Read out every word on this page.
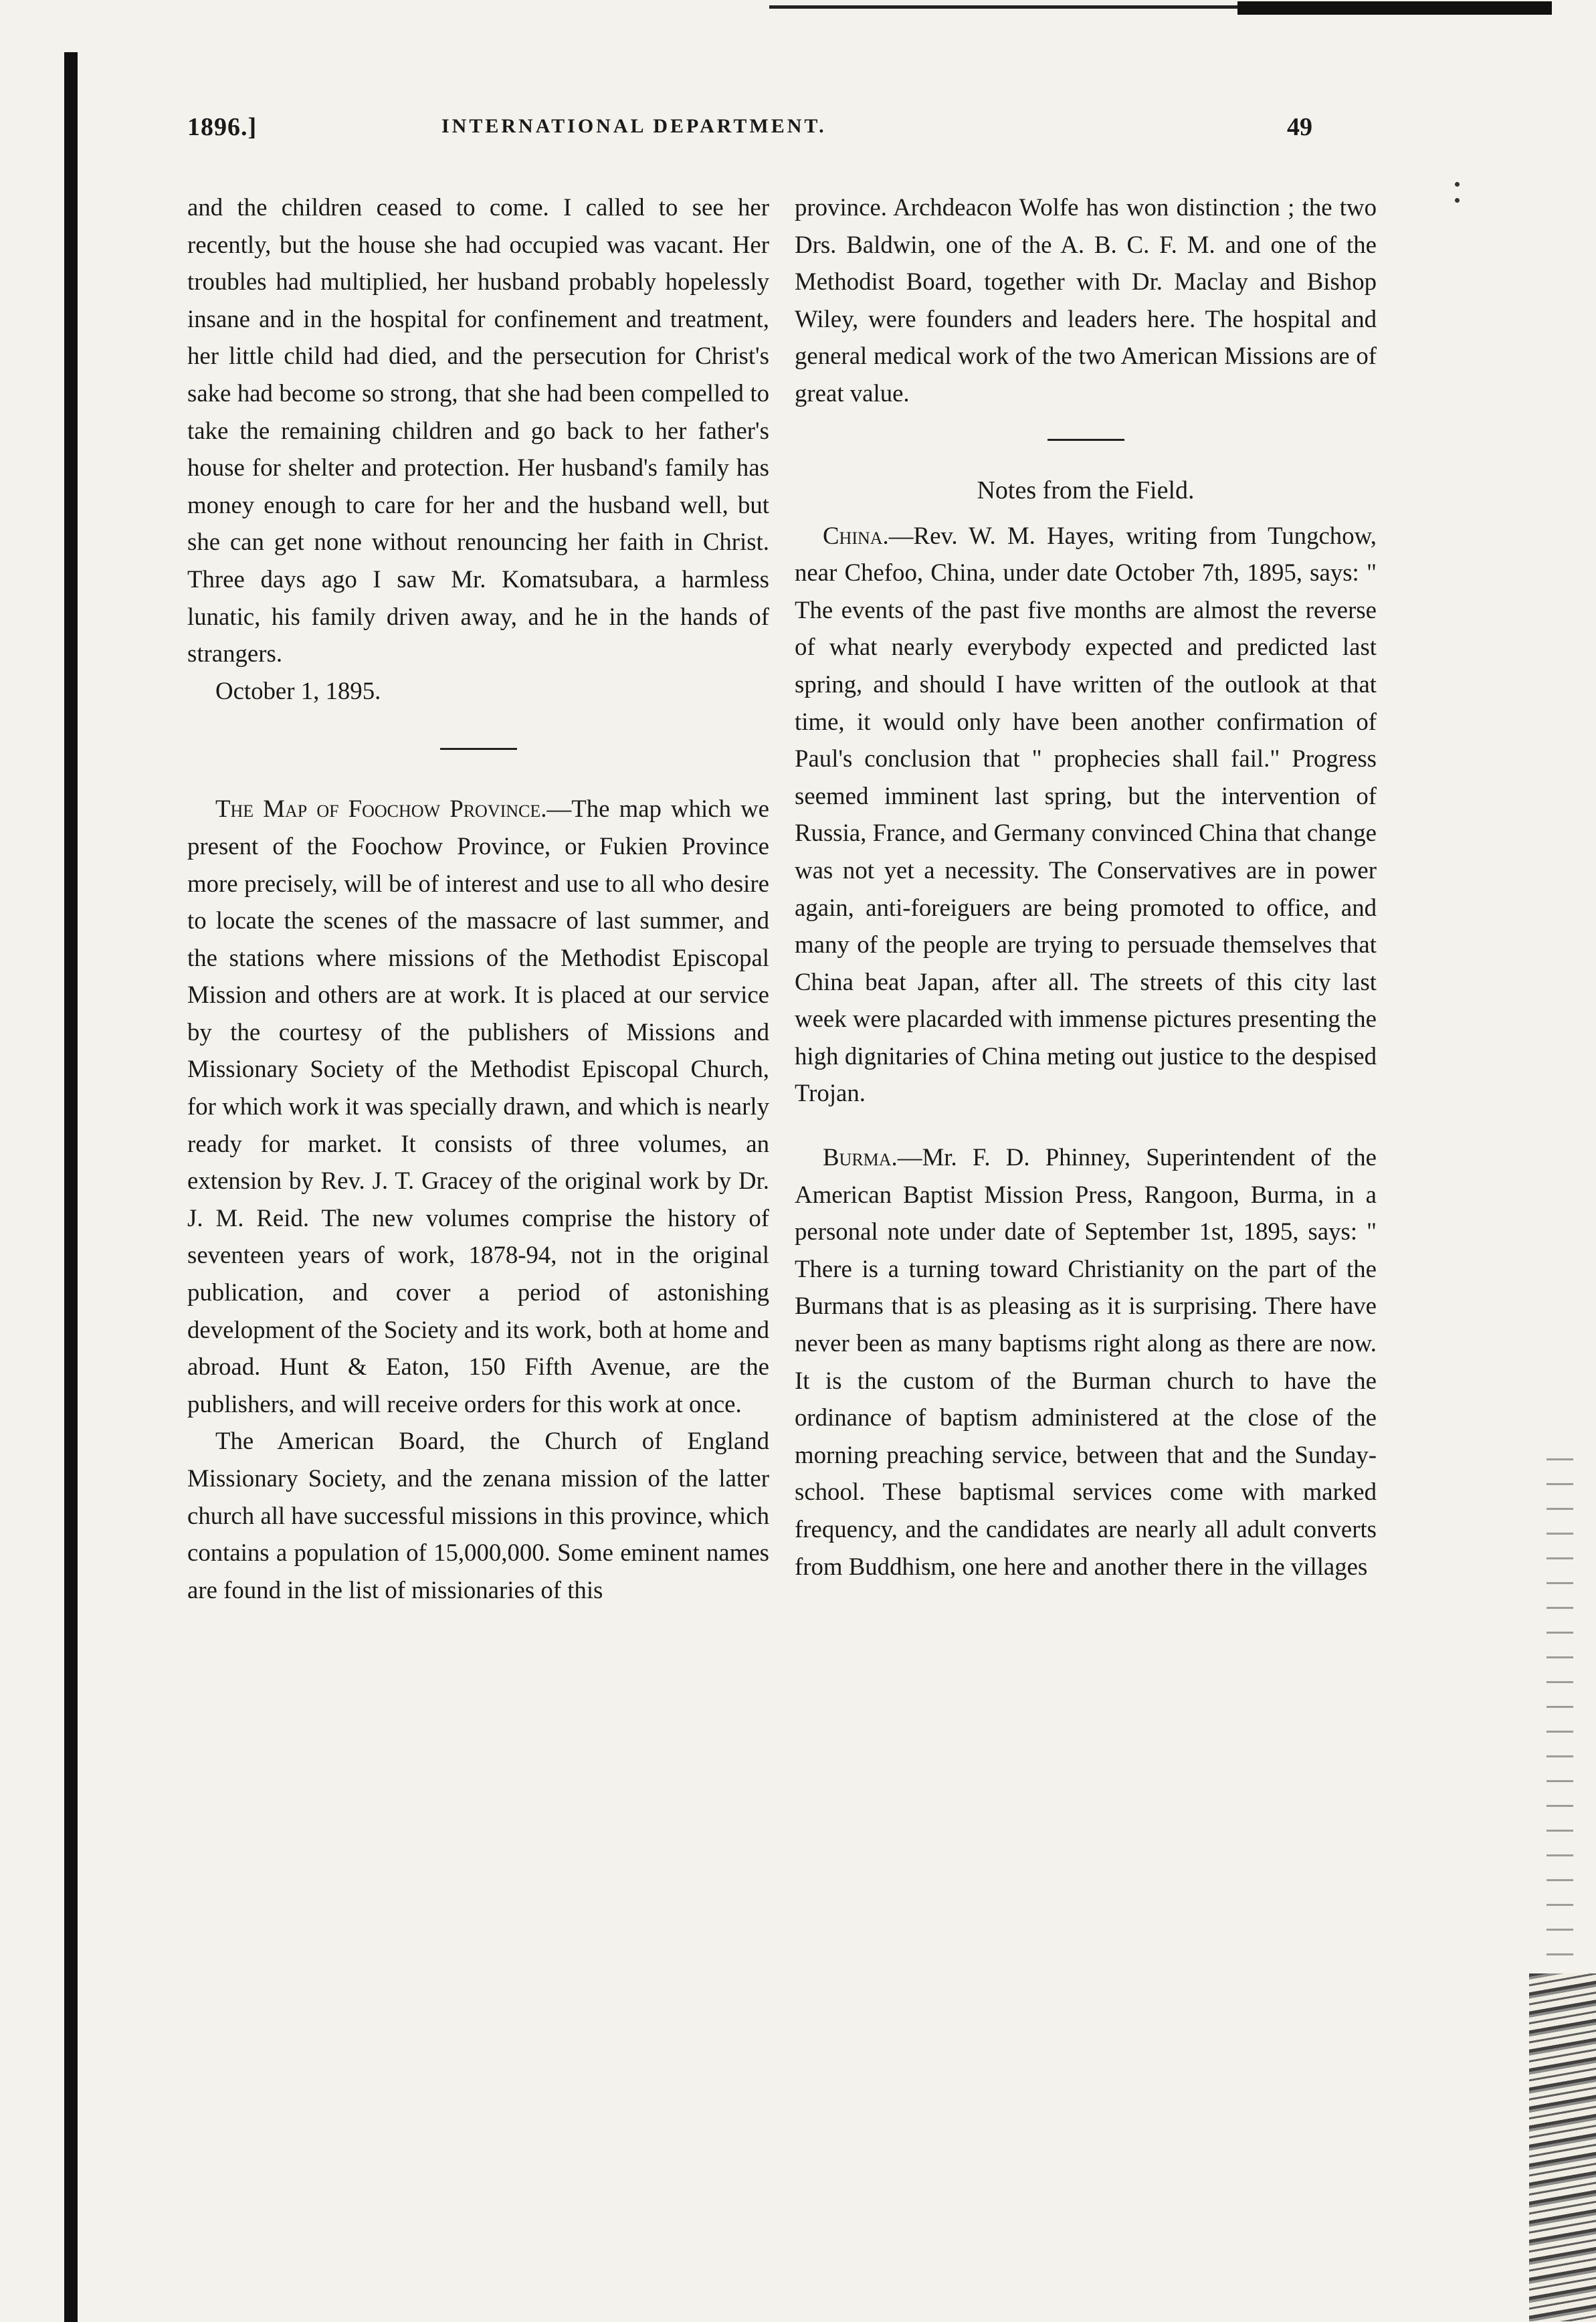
1896.]	INTERNATIONAL DEPARTMENT.	49

and the children ceased to come. I called to see her recently, but the house she had occupied was vacant. Her troubles had multiplied, her husband probably hopelessly insane and in the hospital for confinement and treatment, her little child had died, and the persecution for Christ's sake had become so strong, that she had been compelled to take the remaining children and go back to her father's house for shelter and protection. Her husband's family has money enough to care for her and the husband well, but she can get none without renouncing her faith in Christ. Three days ago I saw Mr. Komatsubara, a harmless lunatic, his family driven away, and he in the hands of strangers.

October 1, 1895.

The Map of Foochow Province.—The map which we present of the Foochow Province, or Fukien Province more precisely, will be of interest and use to all who desire to locate the scenes of the massacre of last summer, and the stations where missions of the Methodist Episcopal Mission and others are at work. It is placed at our service by the courtesy of the publishers of Missions and Missionary Society of the Methodist Episcopal Church, for which work it was specially drawn, and which is nearly ready for market. It consists of three volumes, an extension by Rev. J. T. Gracey of the original work by Dr. J. M. Reid. The new volumes comprise the history of seventeen years of work, 1878-94, not in the original publication, and cover a period of astonishing development of the Society and its work, both at home and abroad. Hunt & Eaton, 150 Fifth Avenue, are the publishers, and will receive orders for this work at once.

The American Board, the Church of England Missionary Society, and the zenana mission of the latter church all have successful missions in this province, which contains a population of 15,000,000. Some eminent names are found in the list of missionaries of this

province. Archdeacon Wolfe has won distinction ; the two Drs. Baldwin, one of the A. B. C. F. M. and one of the Methodist Board, together with Dr. Maclay and Bishop Wiley, were founders and leaders here. The hospital and general medical work of the two American Missions are of great value.

Notes from the Field.

China.—Rev. W. M. Hayes, writing from Tungchow, near Chefoo, China, under date October 7th, 1895, says: " The events of the past five months are almost the reverse of what nearly everybody expected and predicted last spring, and should I have written of the outlook at that time, it would only have been another confirmation of Paul's conclusion that " prophecies shall fail." Progress seemed imminent last spring, but the intervention of Russia, France, and Germany convinced China that change was not yet a necessity. The Conservatives are in power again, anti-foreiguers are being promoted to office, and many of the people are trying to persuade themselves that China beat Japan, after all. The streets of this city last week were placarded with immense pictures presenting the high dignitaries of China meting out justice to the despised Trojan.

Burma.—Mr. F. D. Phinney, Superintendent of the American Baptist Mission Press, Rangoon, Burma, in a personal note under date of September 1st, 1895, says: " There is a turning toward Christianity on the part of the Burmans that is as pleasing as it is surprising. There have never been as many baptisms right along as there are now. It is the custom of the Burman church to have the ordinance of baptism administered at the close of the morning preaching service, between that and the Sunday-school. These baptismal services come with marked frequency, and the candidates are nearly all adult converts from Buddhism, one here and another there in the villages
